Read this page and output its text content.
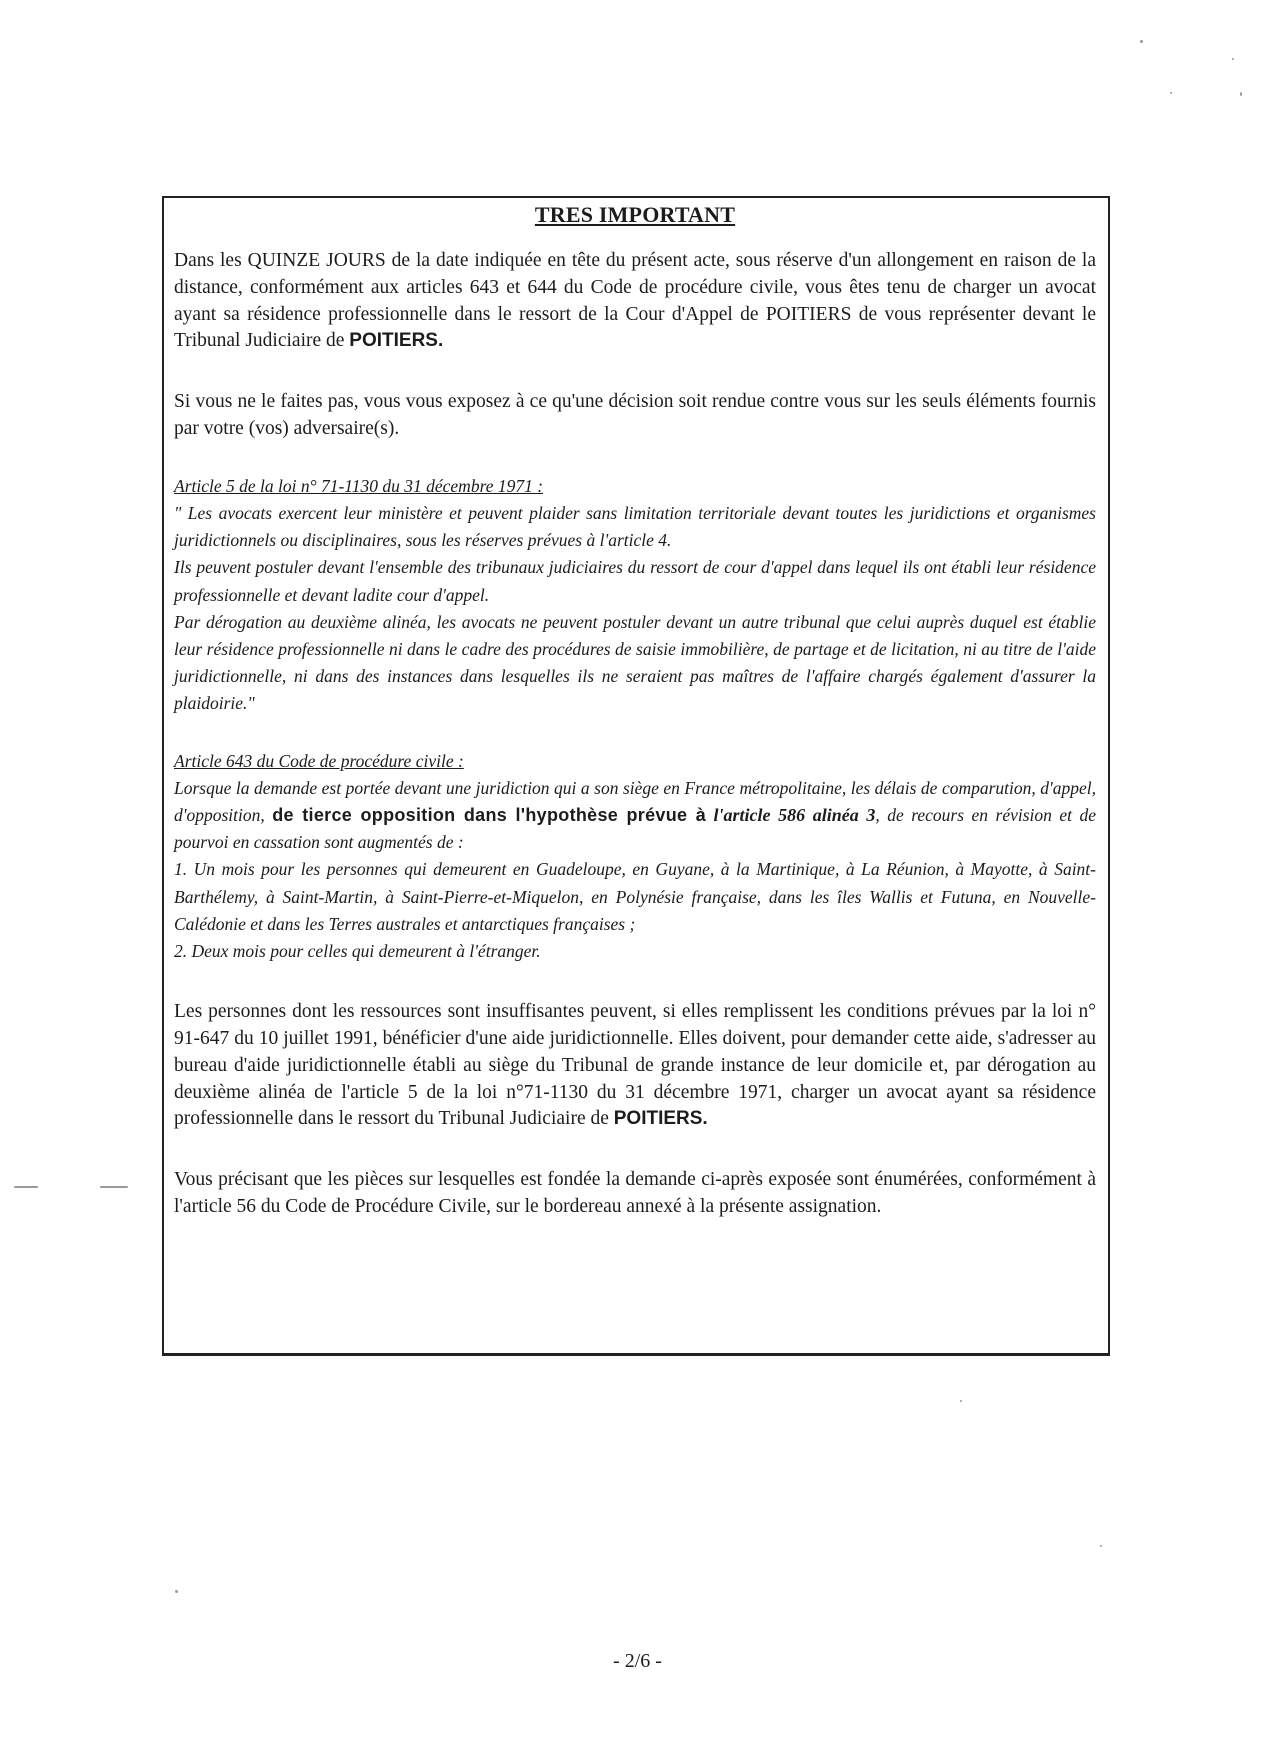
TRES IMPORTANT

Dans les QUINZE JOURS de la date indiquée en tête du présent acte, sous réserve d'un allongement en raison de la distance, conformément aux articles 643 et 644 du Code de procédure civile, vous êtes tenu de charger un avocat ayant sa résidence professionnelle dans le ressort de la Cour d'Appel de POITIERS de vous représenter devant le Tribunal Judiciaire de POITIERS.

Si vous ne le faites pas, vous vous exposez à ce qu'une décision soit rendue contre vous sur les seuls éléments fournis par votre (vos) adversaire(s).

Article 5 de la loi n° 71-1130 du 31 décembre 1971 :

" Les avocats exercent leur ministère et peuvent plaider sans limitation territoriale devant toutes les juridictions et organismes juridictionnels ou disciplinaires, sous les réserves prévues à l'article 4.

Ils peuvent postuler devant l'ensemble des tribunaux judiciaires du ressort de cour d'appel dans lequel ils ont établi leur résidence professionnelle et devant ladite cour d'appel.

Par dérogation au deuxième alinéa, les avocats ne peuvent postuler devant un autre tribunal que celui auprès duquel est établie leur résidence professionnelle ni dans le cadre des procédures de saisie immobilière, de partage et de licitation, ni au titre de l'aide juridictionnelle, ni dans des instances dans lesquelles ils ne seraient pas maîtres de l'affaire chargés également d'assurer la plaidoirie."

Article 643 du Code de procédure civile :

Lorsque la demande est portée devant une juridiction qui a son siège en France métropolitaine, les délais de comparution, d'appel, d'opposition, de tierce opposition dans l'hypothèse prévue à l'article 586 alinéa 3, de recours en révision et de pourvoi en cassation sont augmentés de :

1. Un mois pour les personnes qui demeurent en Guadeloupe, en Guyane, à la Martinique, à La Réunion, à Mayotte, à Saint-Barthélemy, à Saint-Martin, à Saint-Pierre-et-Miquelon, en Polynésie française, dans les îles Wallis et Futuna, en Nouvelle-Calédonie et dans les Terres australes et antarctiques françaises ;

2. Deux mois pour celles qui demeurent à l'étranger.

Les personnes dont les ressources sont insuffisantes peuvent, si elles remplissent les conditions prévues par la loi n° 91-647 du 10 juillet 1991, bénéficier d'une aide juridictionnelle. Elles doivent, pour demander cette aide, s'adresser au bureau d'aide juridictionnelle établi au siège du Tribunal de grande instance de leur domicile et, par dérogation au deuxième alinéa de l'article 5 de la loi n°71-1130 du 31 décembre 1971, charger un avocat ayant sa résidence professionnelle dans le ressort du Tribunal Judiciaire de POITIERS.

Vous précisant que les pièces sur lesquelles est fondée la demande ci-après exposée sont énumérées, conformément à l'article 56 du Code de Procédure Civile, sur le bordereau annexé à la présente assignation.

- 2/6 -
